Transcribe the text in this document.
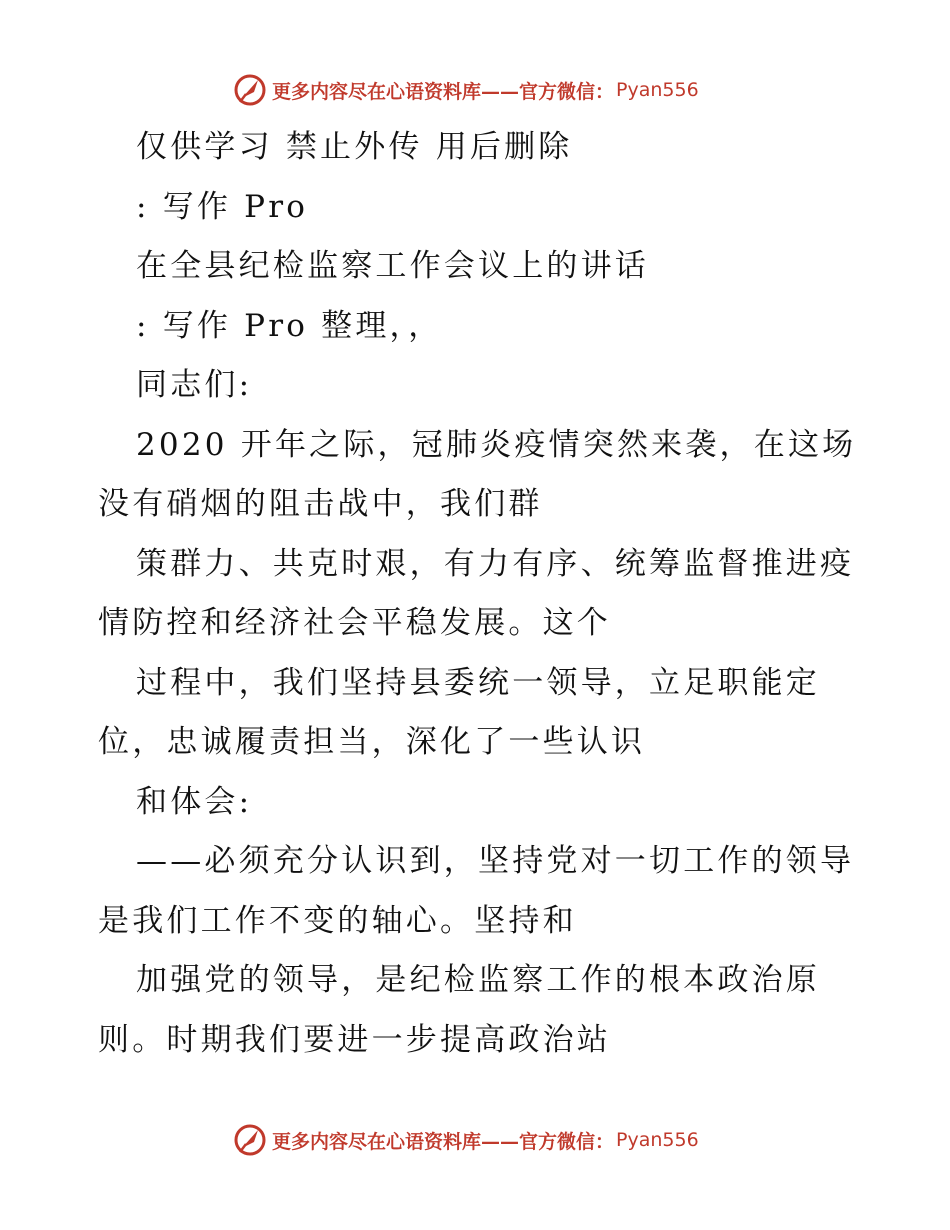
更多内容尽在心语资料库——官方微信： Pyan556
仅供学习 禁止外传 用后删除
: 写作 Pro
在全县纪检监察工作会议上的讲话
: 写作 Pro 整理，，
同志们:
2020 开年之际，冠肺炎疫情突然来袭，在这场
没有硝烟的阻击战中，我们群
策群力、共克时艰，有力有序、统筹监督推进疫
情防控和经济社会平稳发展。这个
过程中，我们坚持县委统一领导，立足职能定
位，忠诚履责担当，深化了一些认识
和体会:
——必须充分认识到，坚持党对一切工作的领导
是我们工作不变的轴心。坚持和
加强党的领导，是纪检监察工作的根本政治原
则。时期我们要进一步提高政治站
更多内容尽在心语资料库——官方微信： Pyan556
